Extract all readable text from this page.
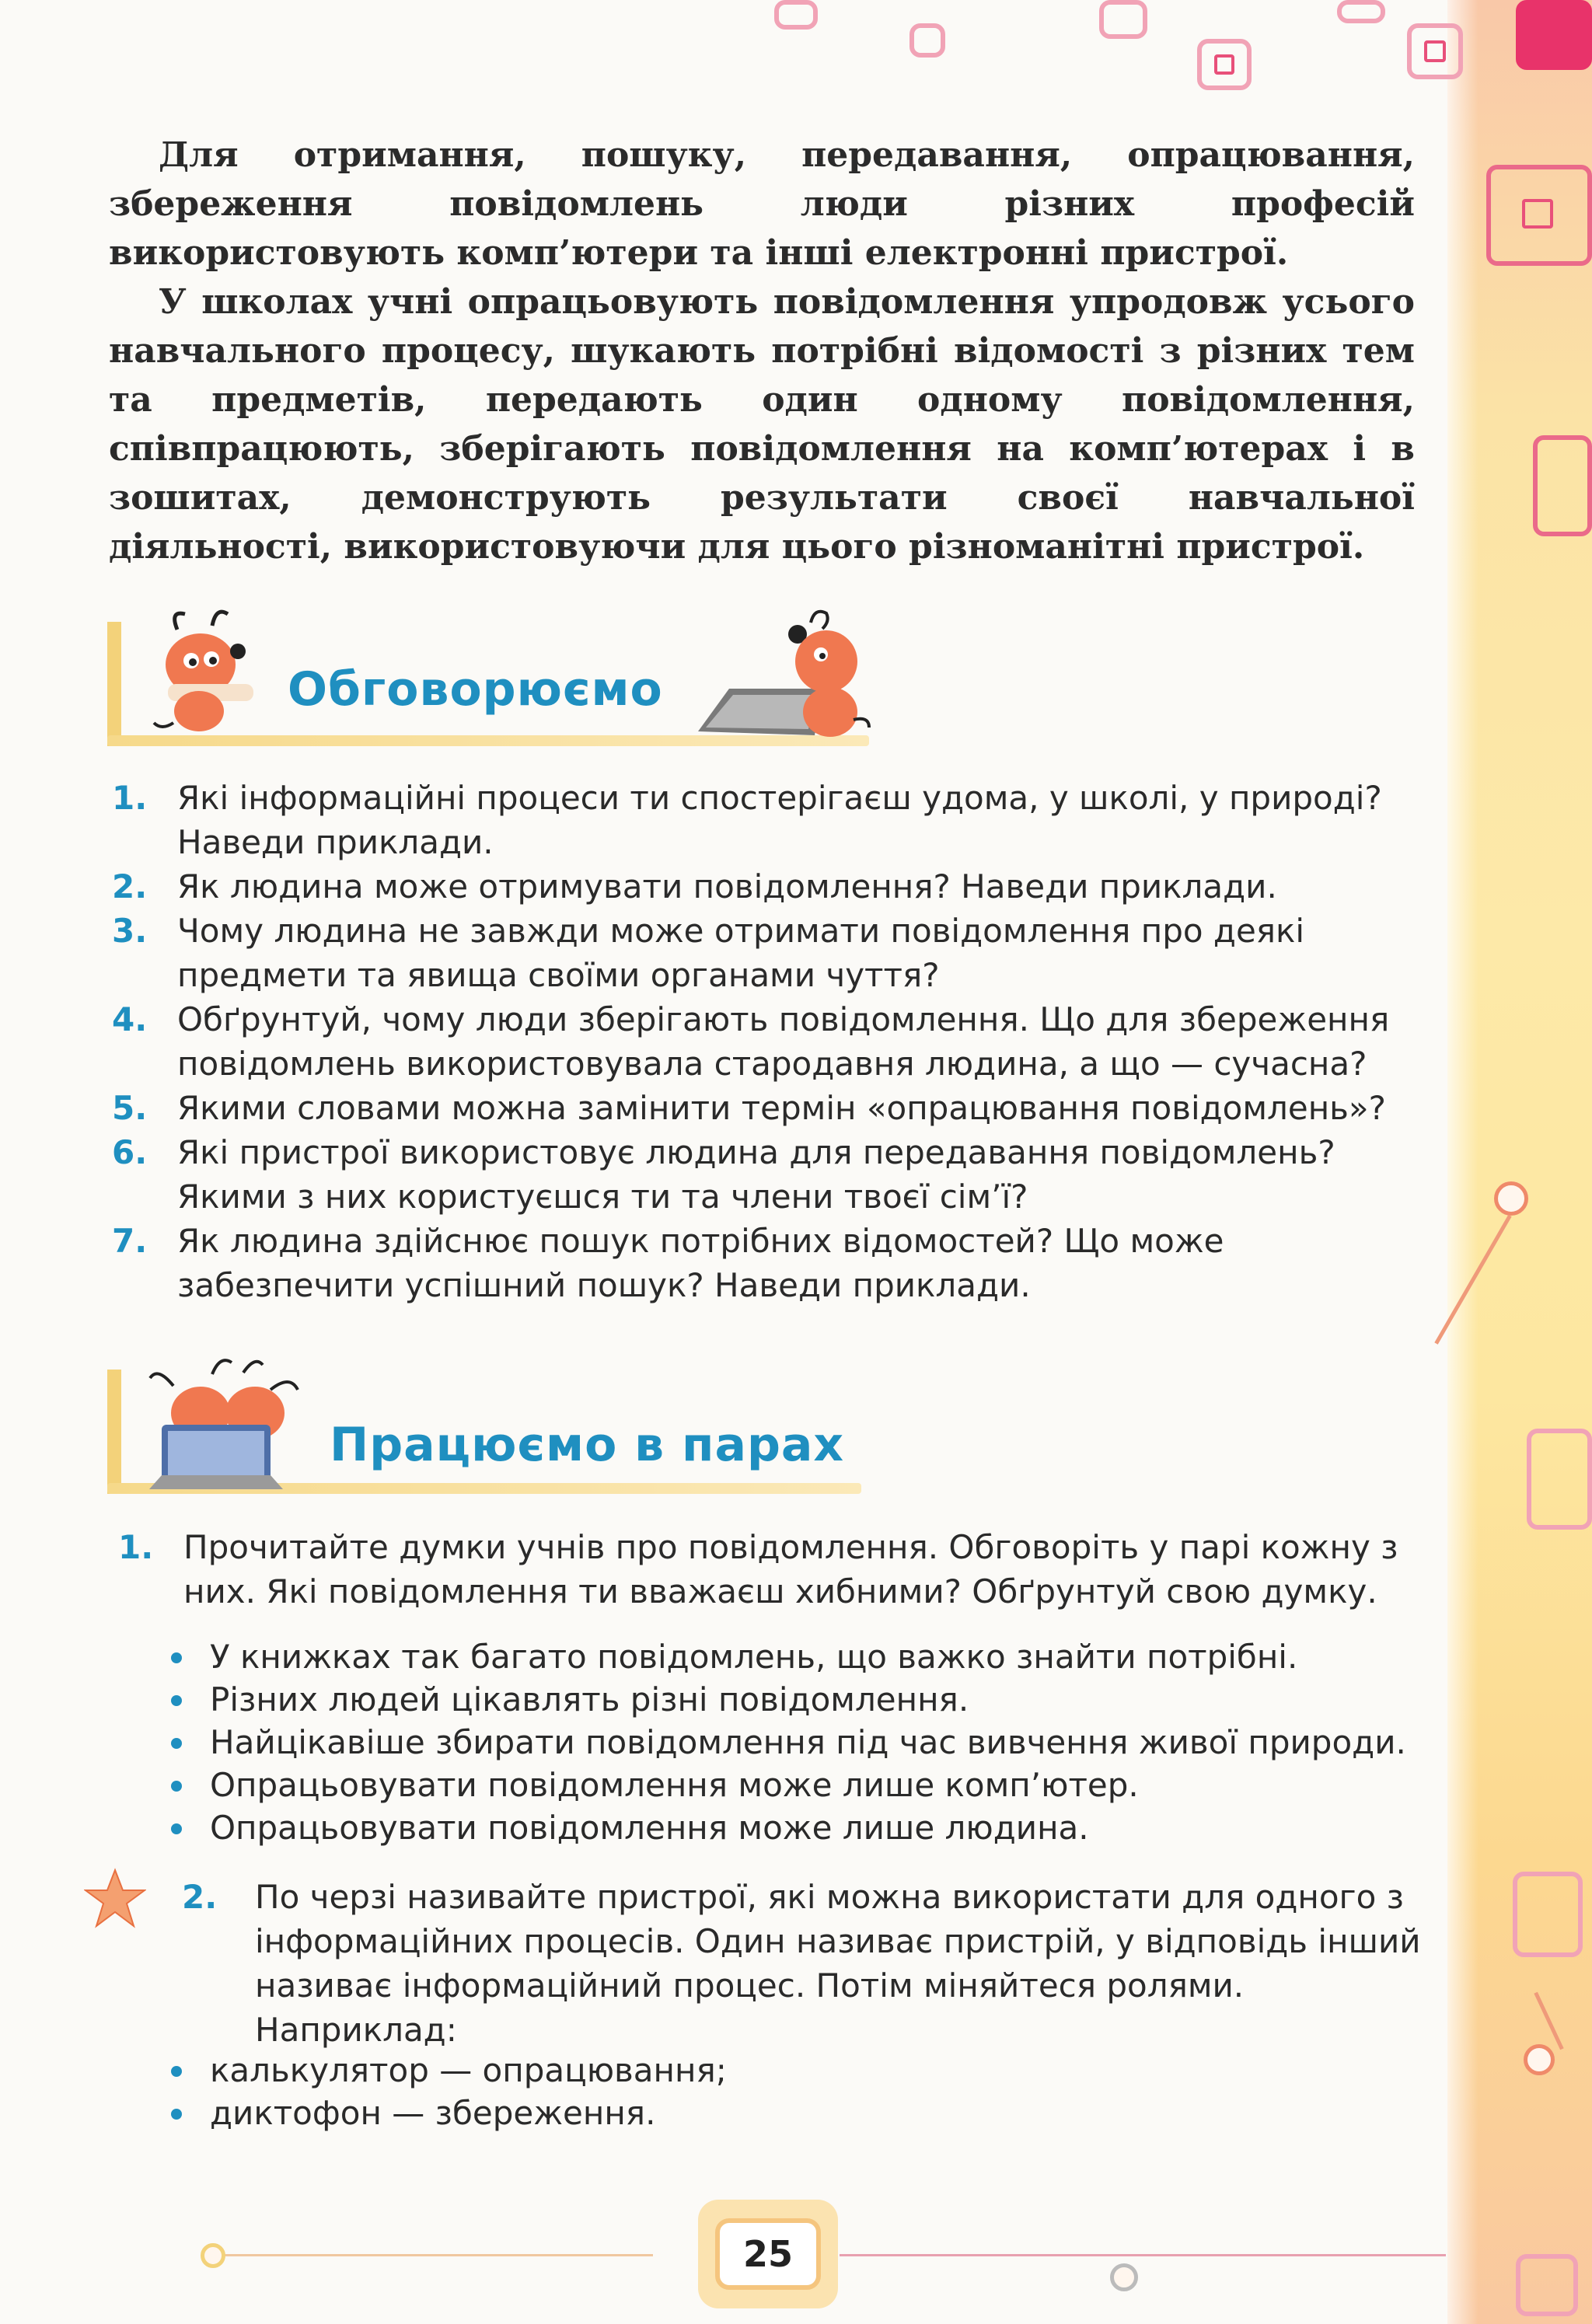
Для отримання, пошуку, передавання, опрацювання, збереження повідомлень люди різних професій використовують комп’ютери та інші електронні пристрої.

У школах учні опрацьовують повідомлення упродовж усього навчального процесу, шукають потрібні відомості з різних тем та предметів, передають один одному повідомлення, співпрацюють, зберігають повідомлення на комп’ютерах і в зошитах, демонструють результати своєї навчальної діяльності, використовуючи для цього різноманітні пристрої.

Обговорюємо
1. Які інформаційні процеси ти спостерігаєш удома, у школі, у природі? Наведи приклади.
2. Як людина може отримувати повідомлення? Наведи приклади.
3. Чому людина не завжди може отримати повідомлення про деякі предмети та явища своїми органами чуття?
4. Обґрунтуй, чому люди зберігають повідомлення. Що для збереження повідомлень використовувала стародавня людина, а що — сучасна?
5. Якими словами можна замінити термін «опрацювання повідомлень»?
6. Які пристрої використовує людина для передавання повідомлень? Якими з них користуєшся ти та члени твоєї сім’ї?
7. Як людина здійснює пошук потрібних відомостей? Що може забезпечити успішний пошук? Наведи приклади.
Працюємо в парах
1. Прочитайте думки учнів про повідомлення. Обговоріть у парі кожну з них. Які повідомлення ти вважаєш хибними? Обґрунтуй свою думку.
У книжках так багато повідомлень, що важко знайти потрібні.
Різних людей цікавлять різні повідомлення.
Найцікавіше збирати повідомлення під час вивчення живої природи.
Опрацьовувати повідомлення може лише комп’ютер.
Опрацьовувати повідомлення може лише людина.
2. По черзі називайте пристрої, які можна використати для одного з інформаційних процесів. Один називає пристрій, у відповідь інший називає інформаційний процес. Потім міняйтеся ролями. Наприклад:
калькулятор — опрацювання;
диктофон — збереження.
25
